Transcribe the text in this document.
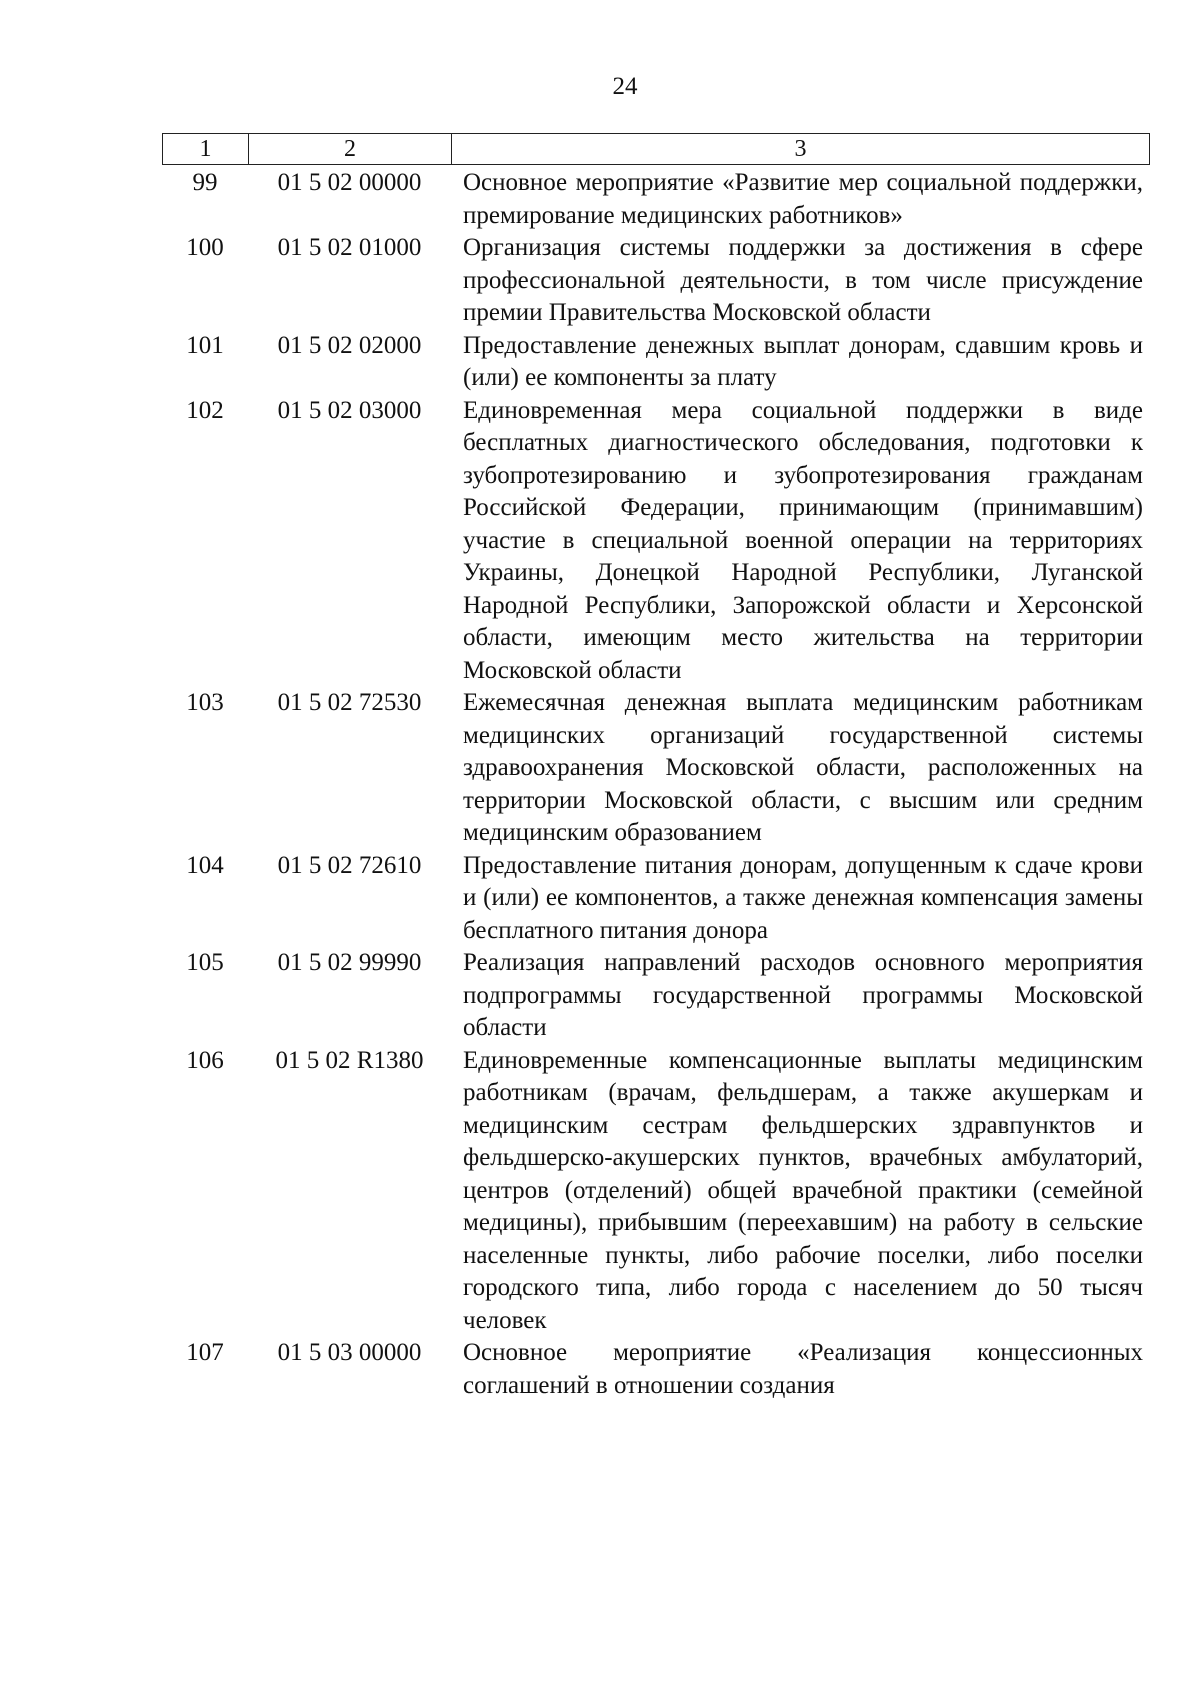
24
1	2	3
99	01 5 02 00000	Основное мероприятие «Развитие мер социальной поддержки, премирование медицинских работников»
100	01 5 02 01000	Организация системы поддержки за достижения в сфере профессиональной деятельности, в том числе присуждение премии Правительства Московской области
101	01 5 02 02000	Предоставление денежных выплат донорам, сдавшим кровь и (или) ее компоненты за плату
102	01 5 02 03000	Единовременная мера социальной поддержки в виде бесплатных диагностического обследования, подготовки к зубопротезированию и зубопротезирования гражданам Российской Федерации, принимающим (принимавшим) участие в специальной военной операции на территориях Украины, Донецкой Народной Республики, Луганской Народной Республики, Запорожской области и Херсонской области, имеющим место жительства на территории Московской области
103	01 5 02 72530	Ежемесячная денежная выплата медицинским работникам медицинских организаций государственной системы здравоохранения Московской области, расположенных на территории Московской области, с высшим или средним медицинским образованием
104	01 5 02 72610	Предоставление питания донорам, допущенным к сдаче крови и (или) ее компонентов, а также денежная компенсация замены бесплатного питания донора
105	01 5 02 99990	Реализация направлений расходов основного мероприятия подпрограммы государственной программы Московской области
106	01 5 02 R1380	Единовременные компенсационные выплаты медицинским работникам (врачам, фельдшерам, а также акушеркам и медицинским сестрам фельдшерских здравпунктов и фельдшерско-акушерских пунктов, врачебных амбулаторий, центров (отделений) общей врачебной практики (семейной медицины), прибывшим (переехавшим) на работу в сельские населенные пункты, либо рабочие поселки, либо поселки городского типа, либо города с населением до 50 тысяч человек
107	01 5 03 00000	Основное мероприятие «Реализация концессионных соглашений в отношении создания
